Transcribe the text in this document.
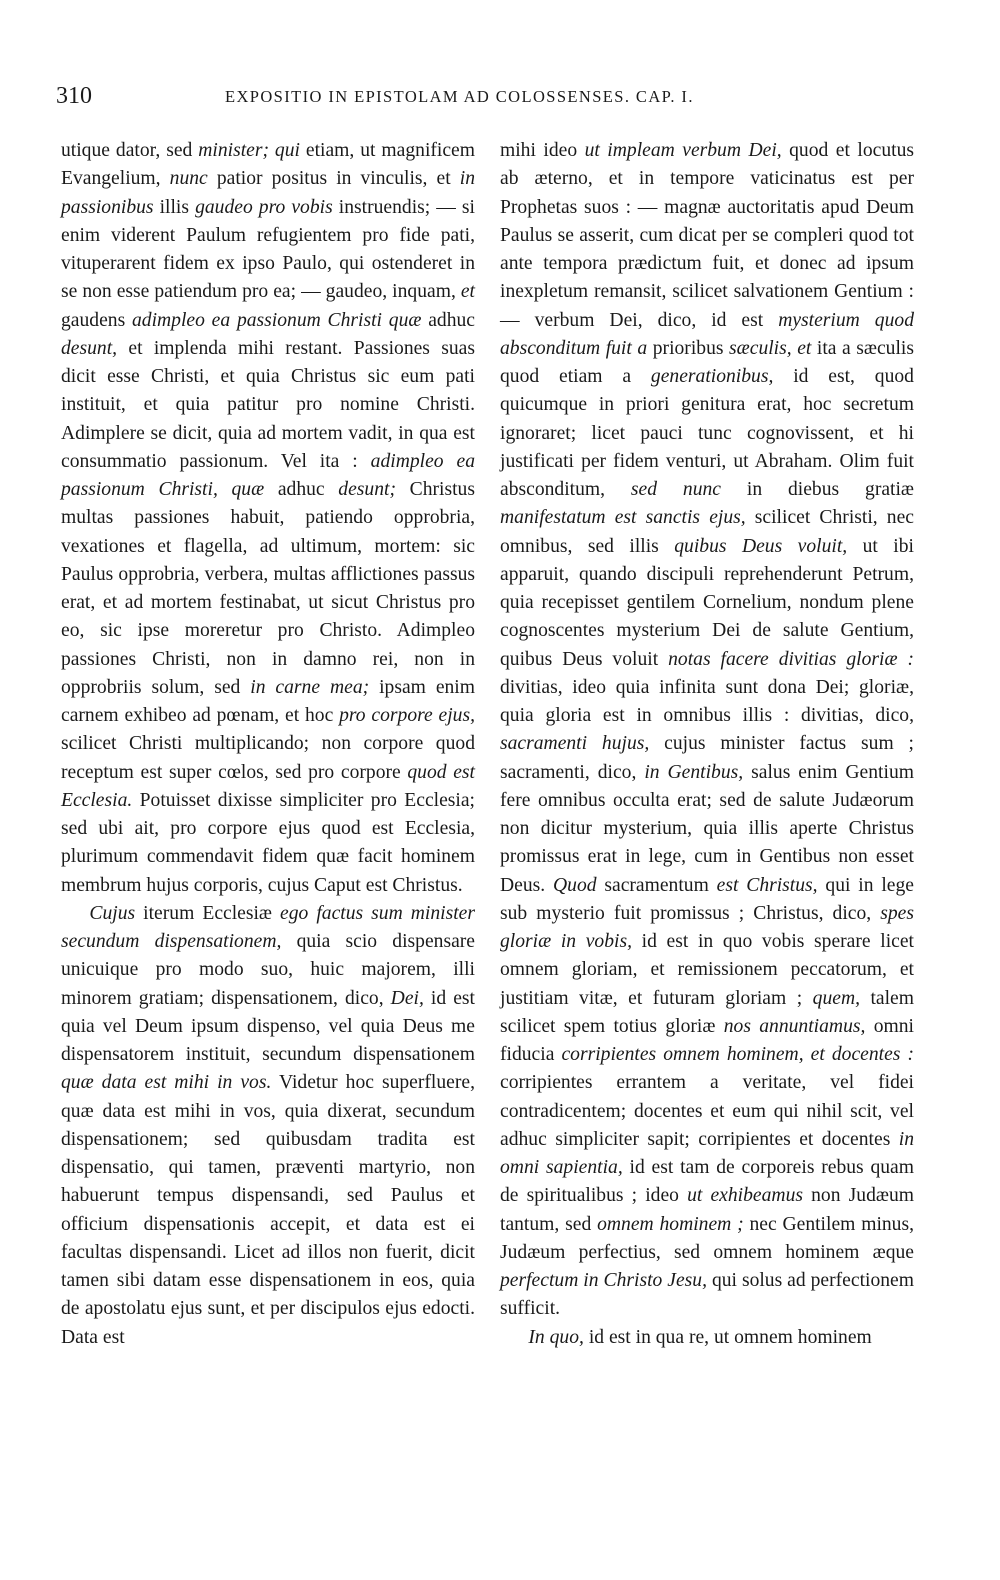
310	EXPOSITIO IN EPISTOLAM AD COLOSSENSES. CAP. I.

utique dator, sed minister; qui etiam, ut magnificem Evangelium, nunc patior positus in vinculis, et in passionibus illis gaudeo pro vobis instruendis; — si enim viderent Paulum refugientem pro fide pati, vituperarent fidem ex ipso Paulo, qui ostenderet in se non esse patiendum pro ea; — gaudeo, inquam, et gaudens adimpleo ea passionum Christi quæ adhuc desunt, et implenda mihi restant. Passiones suas dicit esse Christi, et quia Christus sic eum pati instituit, et quia patitur pro nomine Christi. Adimplere se dicit, quia ad mortem vadit, in qua est consummatio passionum. Vel ita : adimpleo ea passionum Christi, quæ adhuc desunt; Christus multas passiones habuit, patiendo opprobria, vexationes et flagella, ad ultimum, mortem: sic Paulus opprobria, verbera, multas afflictiones passus erat, et ad mortem festinabat, ut sicut Christus pro eo, sic ipse moreretur pro Christo. Adimpleo passiones Christi, non in damno rei, non in opprobriis solum, sed in carne mea; ipsam enim carnem exhibeo ad pœnam, et hoc pro corpore ejus, scilicet Christi multiplicando; non corpore quod receptum est super cœlos, sed pro corpore quod est Ecclesia. Potuisset dixisse simpliciter pro Ecclesia; sed ubi ait, pro corpore ejus quod est Ecclesia, plurimum commendavit fidem quæ facit hominem membrum hujus corporis, cujus Caput est Christus.

Cujus iterum Ecclesiæ ego factus sum minister secundum dispensationem, quia scio dispensare unicuique pro modo suo, huic majorem, illi minorem gratiam; dispensationem, dico, Dei, id est quia vel Deum ipsum dispenso, vel quia Deus me dispensatorem instituit, secundum dispensationem quæ data est mihi in vos. Videtur hoc superfluere, quæ data est mihi in vos, quia dixerat, secundum dispensationem; sed quibusdam tradita est dispensatio, qui tamen, præventi martyrio, non habuerunt tempus dispensandi, sed Paulus et officium dispensationis accepit, et data est ei facultas dispensandi. Licet ad illos non fuerit, dicit tamen sibi datam esse dispensationem in eos, quia de apostolatu ejus sunt, et per discipulos ejus edocti. Data est

mihi ideo ut impleam verbum Dei, quod et locutus ab æterno, et in tempore vaticinatus est per Prophetas suos : — magnæ auctoritatis apud Deum Paulus se asserit, cum dicat per se compleri quod tot ante tempora prædictum fuit, et donec ad ipsum inexpletum remansit, scilicet salvationem Gentium : — verbum Dei, dico, id est mysterium quod absconditum fuit a prioribus sæculis, et ita a sæculis quod etiam a generationibus, id est, quod quicumque in priori genitura erat, hoc secretum ignoraret; licet pauci tunc cognovissent, et hi justificati per fidem venturi, ut Abraham. Olim fuit absconditum, sed nunc in diebus gratiæ manifestatum est sanctis ejus, scilicet Christi, nec omnibus, sed illis quibus Deus voluit, ut ibi apparuit, quando discipuli reprehenderunt Petrum, quia recepisset gentilem Cornelium, nondum plene cognoscentes mysterium Dei de salute Gentium, quibus Deus voluit notas facere divitias gloriæ : divitias, ideo quia infinita sunt dona Dei; gloriæ, quia gloria est in omnibus illis : divitias, dico, sacramenti hujus, cujus minister factus sum ; sacramenti, dico, in Gentibus, salus enim Gentium fere omnibus occulta erat; sed de salute Judæorum non dicitur mysterium, quia illis aperte Christus promissus erat in lege, cum in Gentibus non esset Deus. Quod sacramentum est Christus, qui in lege sub mysterio fuit promissus ; Christus, dico, spes gloriæ in vobis, id est in quo vobis sperare licet omnem gloriam, et remissionem peccatorum, et justitiam vitæ, et futuram gloriam ; quem, talem scilicet spem totius gloriæ nos annuntiamus, omni fiducia corripientes omnem hominem, et docentes : corripientes errantem a veritate, vel fidei contradicentem; docentes et eum qui nihil scit, vel adhuc simpliciter sapit; corripientes et docentes in omni sapientia, id est tam de corporeis rebus quam de spiritualibus ; ideo ut exhibeamus non Judæum tantum, sed omnem hominem ; nec Gentilem minus, Judæum perfectius, sed omnem hominem æque perfectum in Christo Jesu, qui solus ad perfectionem sufficit.

In quo, id est in qua re, ut omnem hominem
